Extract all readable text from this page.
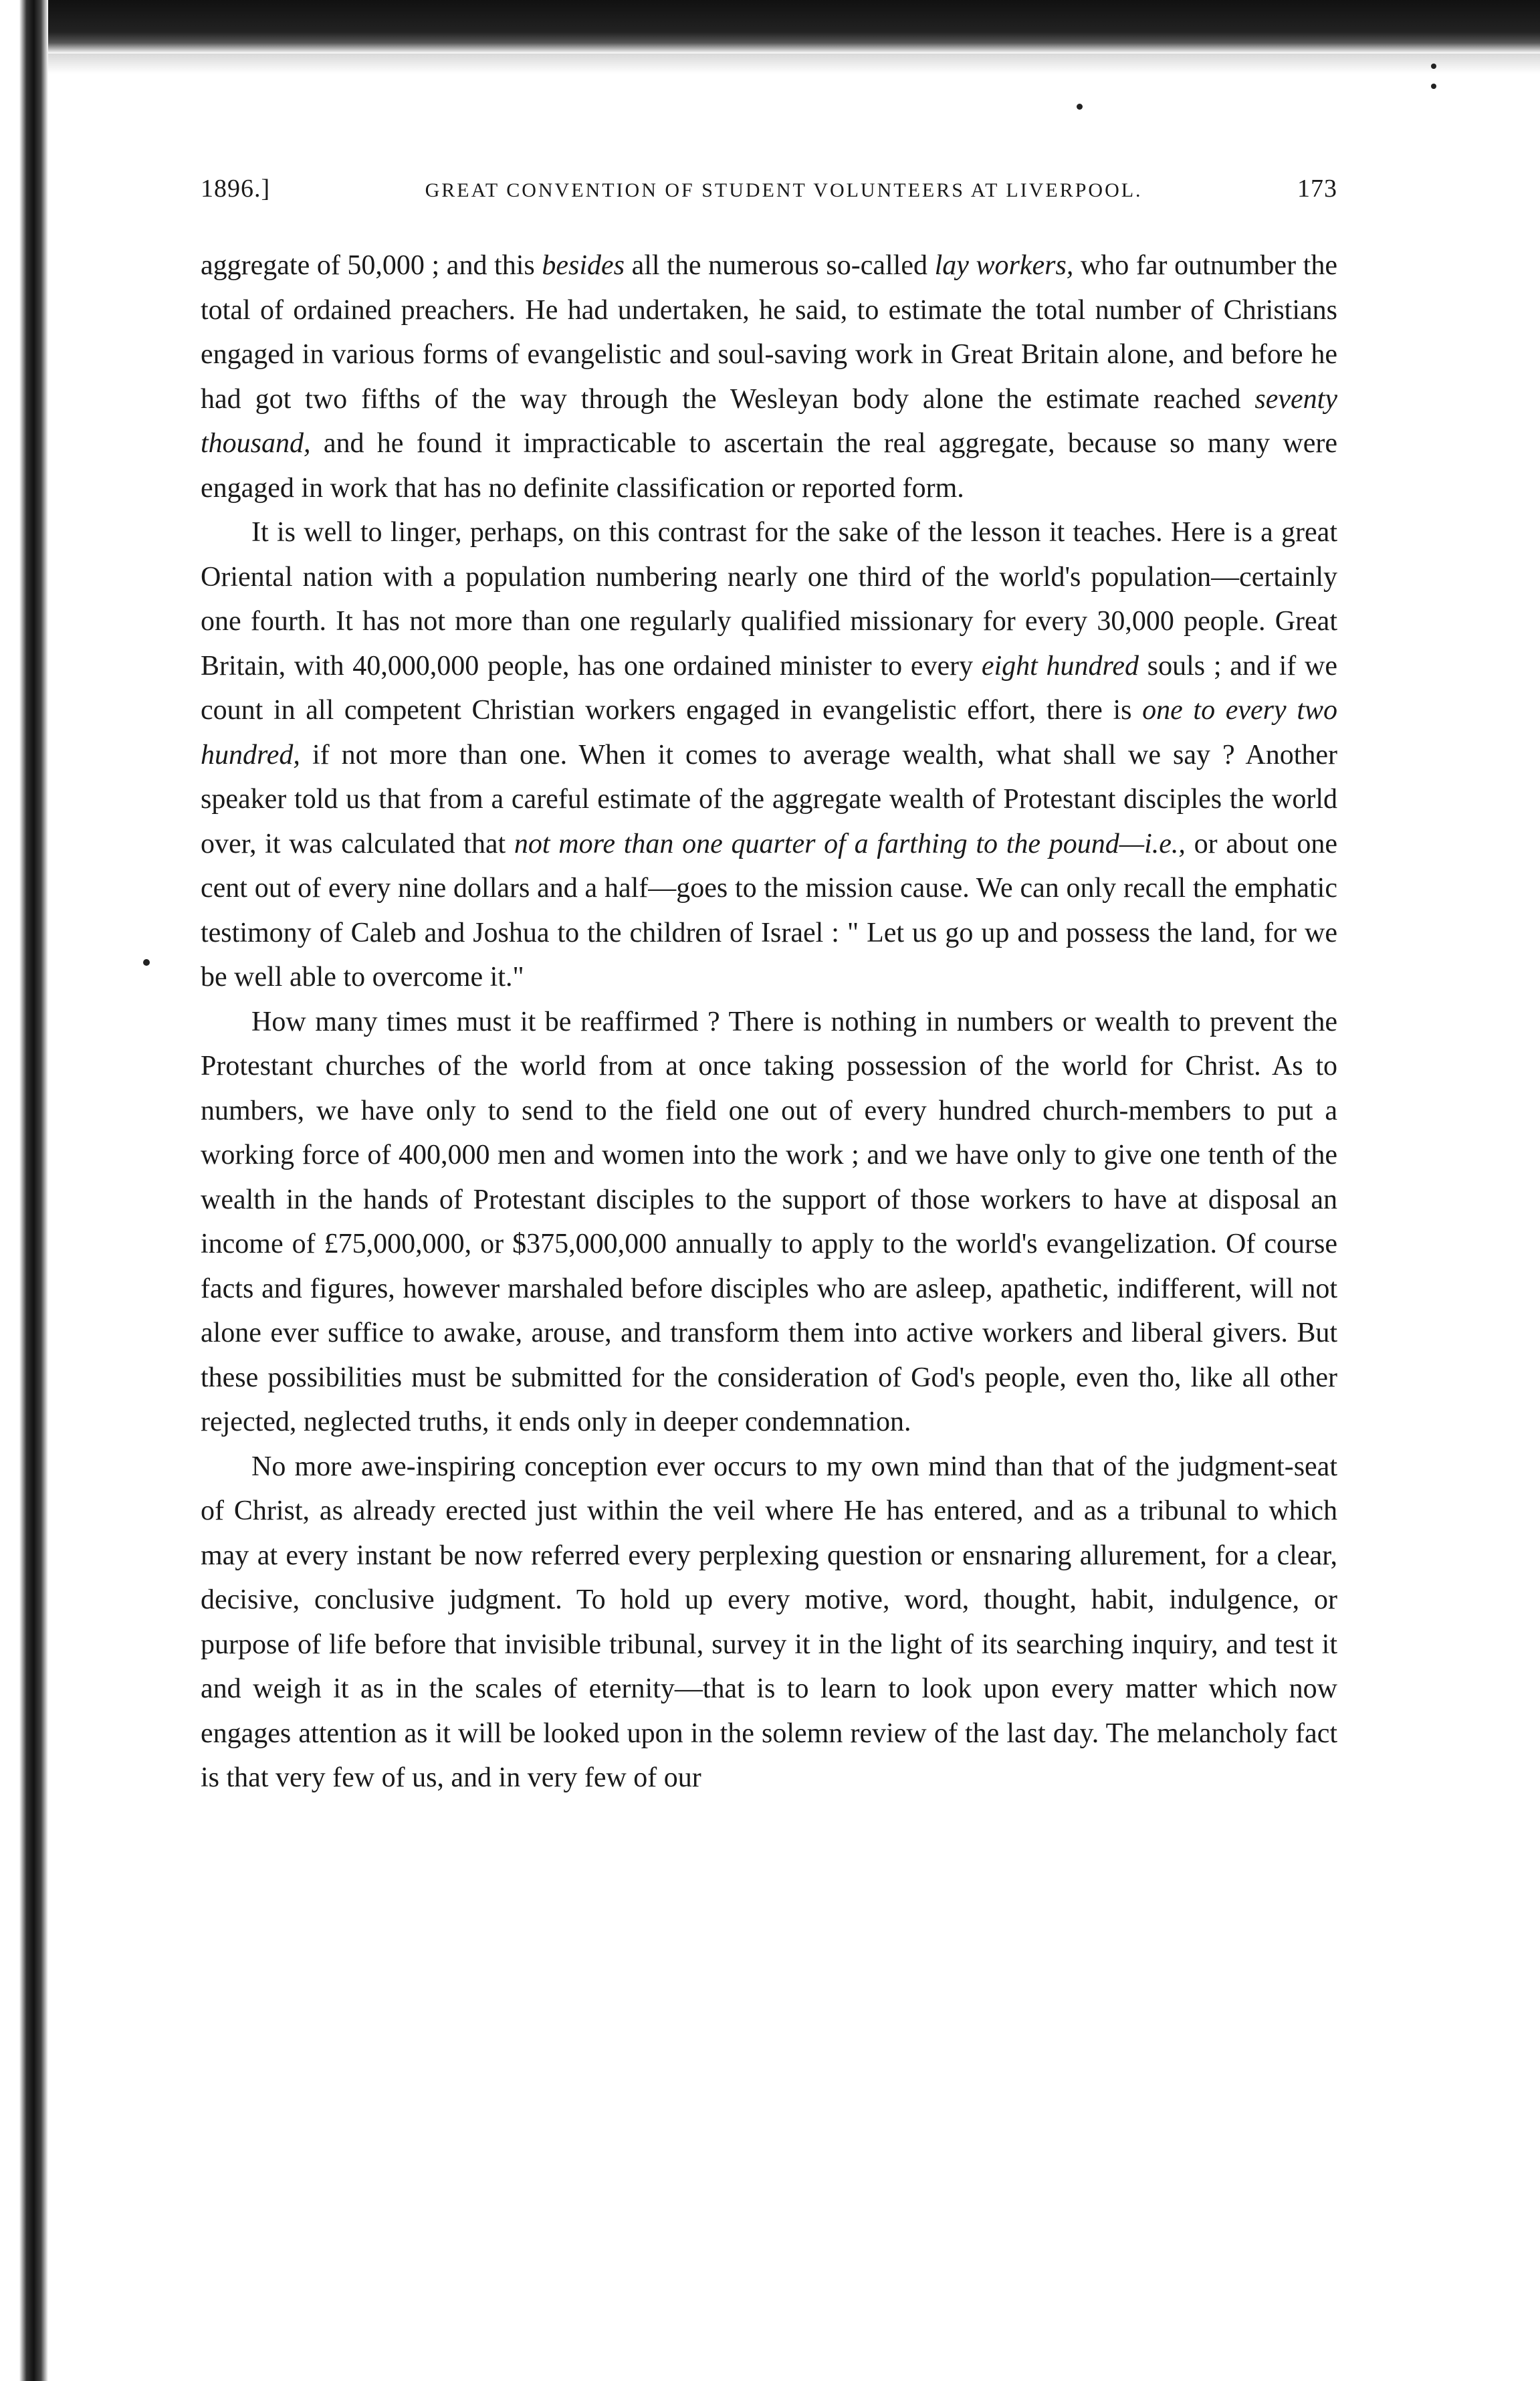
1896.]	GREAT CONVENTION OF STUDENT VOLUNTEERS AT LIVERPOOL.	173

aggregate of 50,000 ; and this besides all the numerous so-called lay workers, who far outnumber the total of ordained preachers. He had undertaken, he said, to estimate the total number of Christians engaged in various forms of evangelistic and soul-saving work in Great Britain alone, and before he had got two fifths of the way through the Wesleyan body alone the estimate reached seventy thousand, and he found it impracticable to ascertain the real aggregate, because so many were engaged in work that has no definite classification or reported form.

It is well to linger, perhaps, on this contrast for the sake of the lesson it teaches. Here is a great Oriental nation with a population numbering nearly one third of the world's population—certainly one fourth. It has not more than one regularly qualified missionary for every 30,000 people. Great Britain, with 40,000,000 people, has one ordained minister to every eight hundred souls ; and if we count in all competent Christian workers engaged in evangelistic effort, there is one to every two hundred, if not more than one. When it comes to average wealth, what shall we say ? Another speaker told us that from a careful estimate of the aggregate wealth of Protestant disciples the world over, it was calculated that not more than one quarter of a farthing to the pound—i.e., or about one cent out of every nine dollars and a half—goes to the mission cause. We can only recall the emphatic testimony of Caleb and Joshua to the children of Israel : " Let us go up and possess the land, for we be well able to overcome it."

How many times must it be reaffirmed ? There is nothing in numbers or wealth to prevent the Protestant churches of the world from at once taking possession of the world for Christ. As to numbers, we have only to send to the field one out of every hundred church-members to put a working force of 400,000 men and women into the work ; and we have only to give one tenth of the wealth in the hands of Protestant disciples to the support of those workers to have at disposal an income of £75,000,000, or $375,000,000 annually to apply to the world's evangelization. Of course facts and figures, however marshaled before disciples who are asleep, apathetic, indifferent, will not alone ever suffice to awake, arouse, and transform them into active workers and liberal givers. But these possibilities must be submitted for the consideration of God's people, even tho, like all other rejected, neglected truths, it ends only in deeper condemnation.

No more awe-inspiring conception ever occurs to my own mind than that of the judgment-seat of Christ, as already erected just within the veil where He has entered, and as a tribunal to which may at every instant be now referred every perplexing question or ensnaring allurement, for a clear, decisive, conclusive judgment. To hold up every motive, word, thought, habit, indulgence, or purpose of life before that invisible tribunal, survey it in the light of its searching inquiry, and test it and weigh it as in the scales of eternity—that is to learn to look upon every matter which now engages attention as it will be looked upon in the solemn review of the last day. The melancholy fact is that very few of us, and in very few of our
